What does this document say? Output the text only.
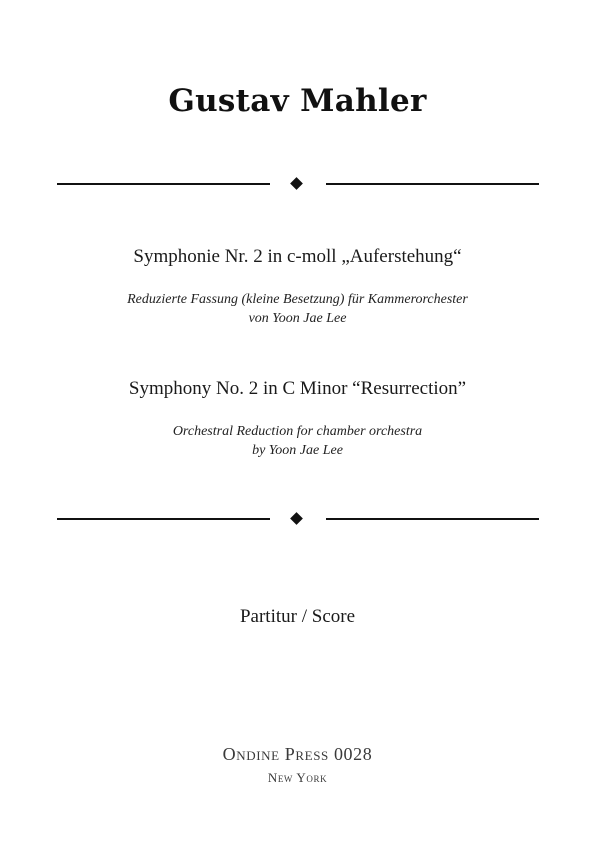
Gustav Mahler
Symphonie Nr. 2 in c-moll „Auferstehung“
Reduzierte Fassung (kleine Besetzung) für Kammerorchester
von Yoon Jae Lee
Symphony No. 2 in C Minor “Resurrection”
Orchestral Reduction for chamber orchestra
by Yoon Jae Lee
Partitur / Score
Ondine Press 0028
New York
